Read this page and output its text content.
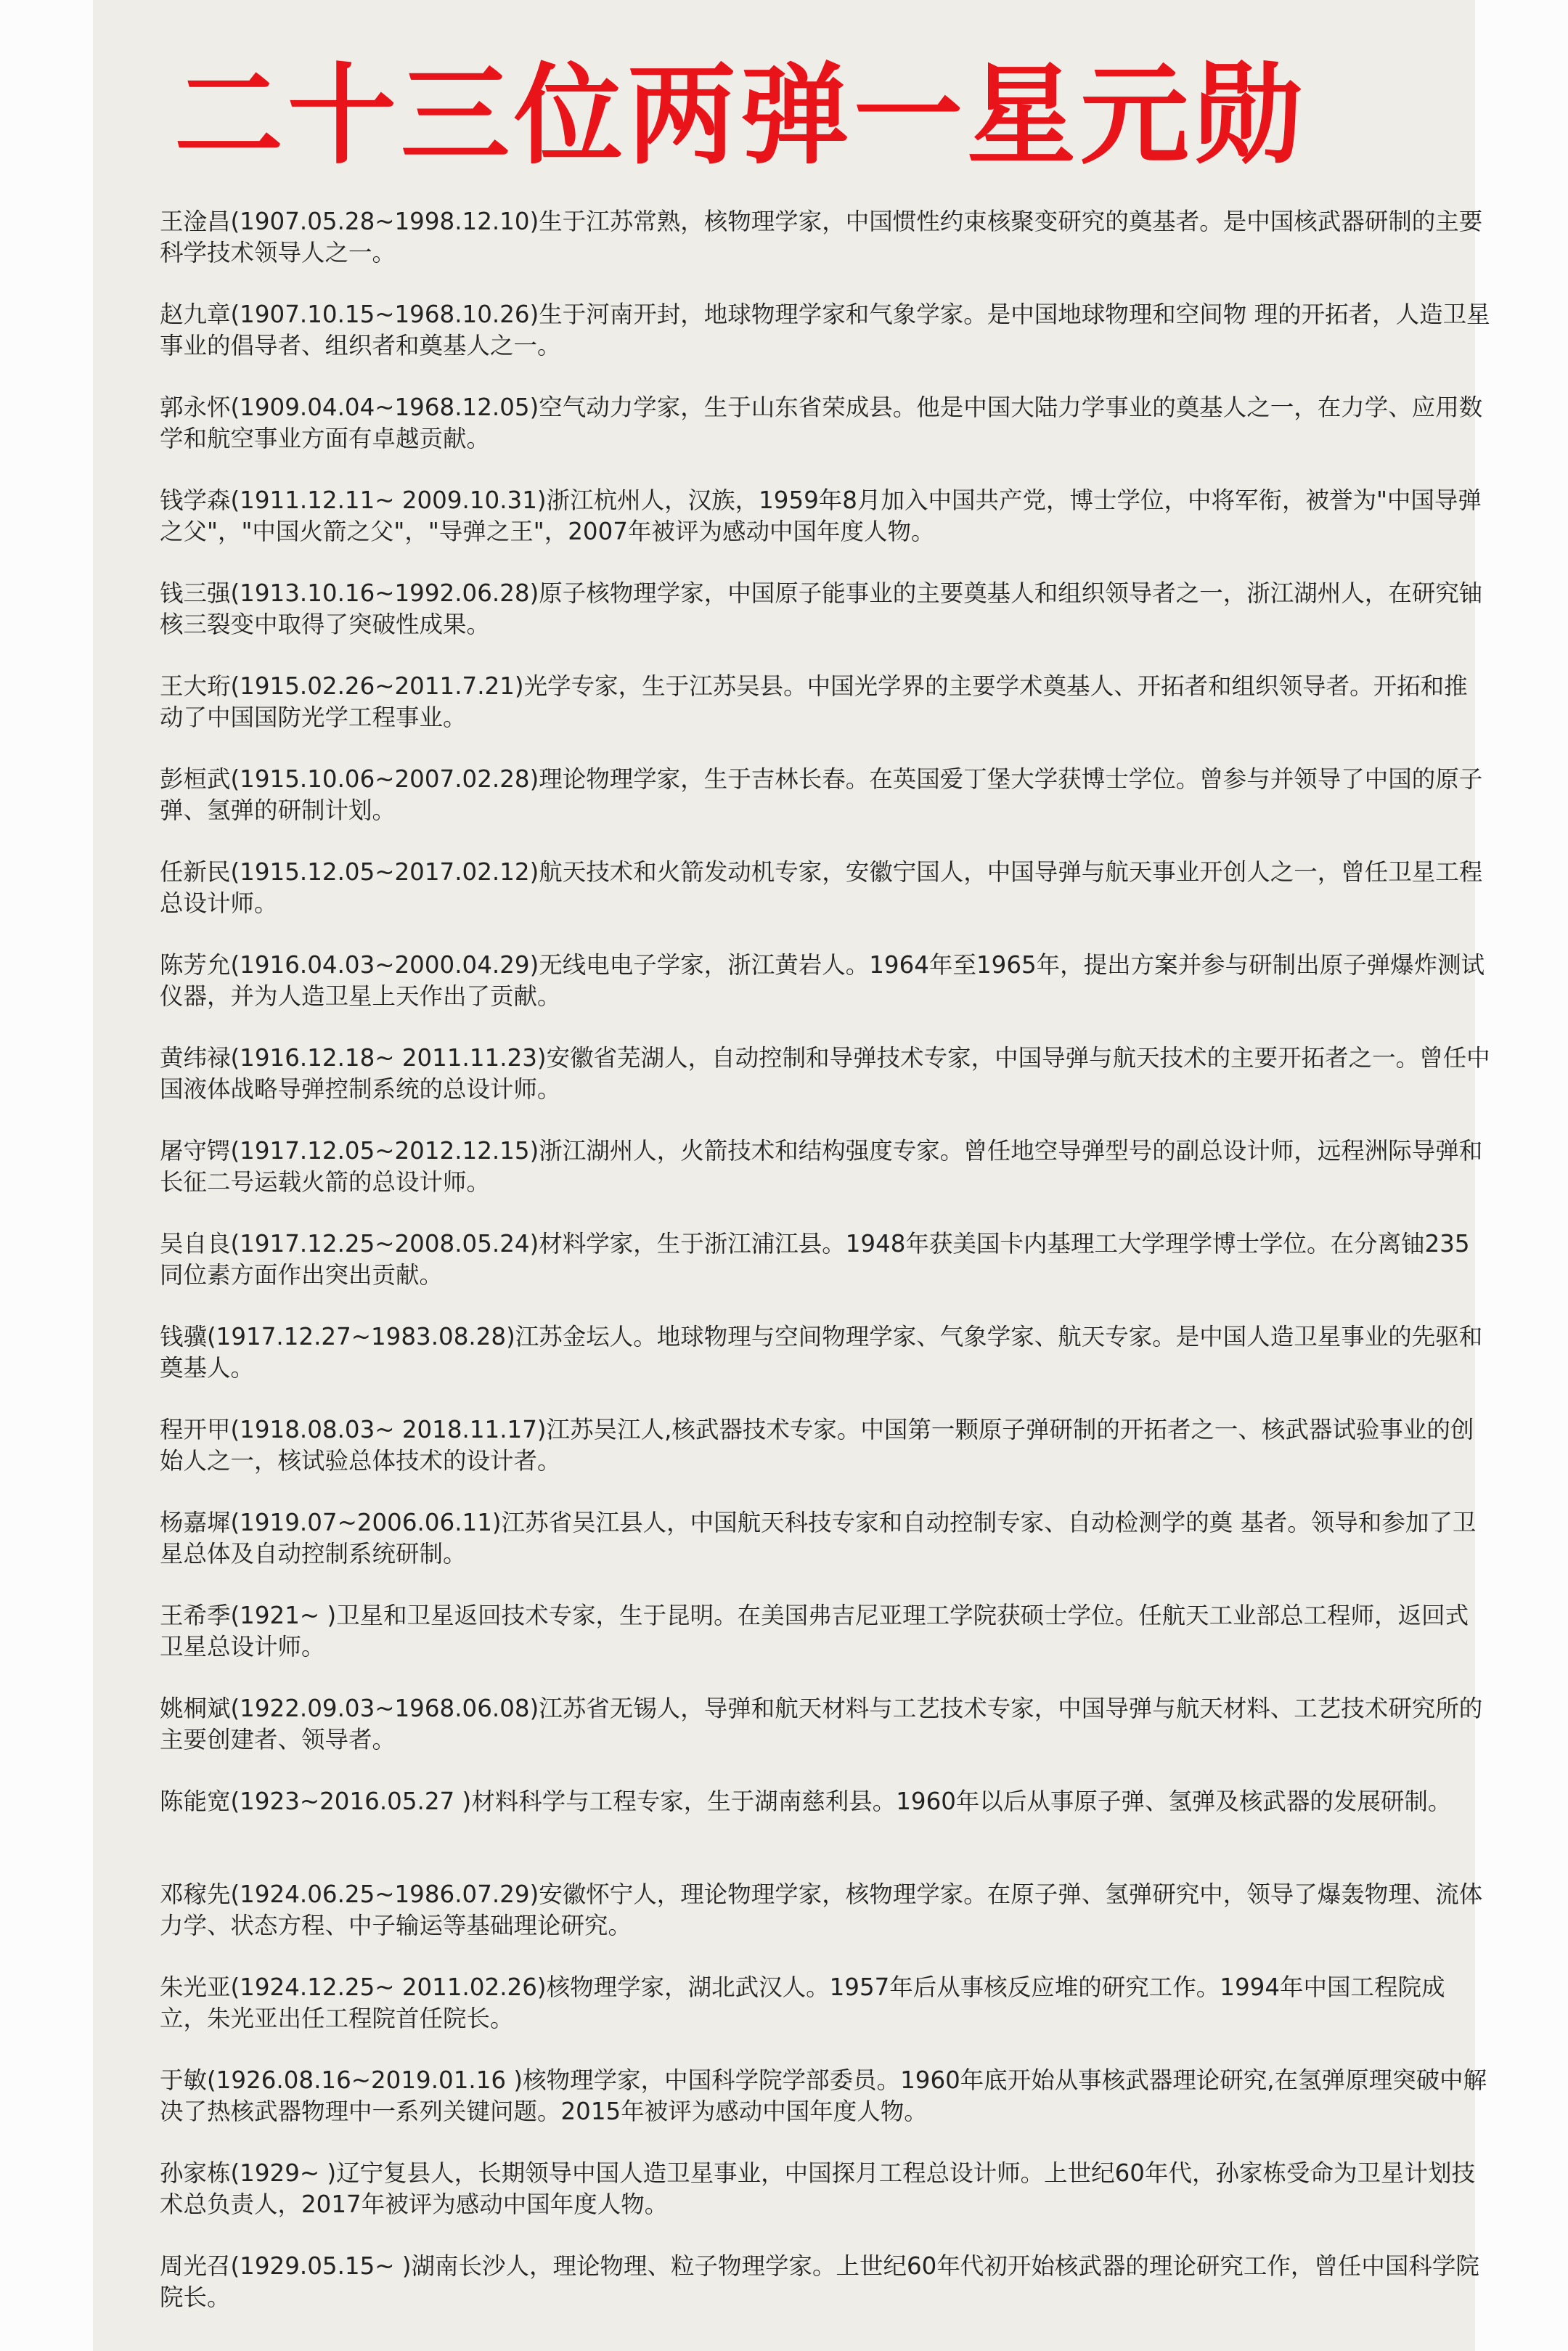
二十三位两弹一星元勋
王淦昌(1907.05.28~1998.12.10)生于江苏常熟，核物理学家，中国惯性约束核聚变研究的奠基者。是中国核武器研制的主要科学技术领导人之一。
赵九章(1907.10.15~1968.10.26)生于河南开封，地球物理学家和气象学家。是中国地球物理和空间物 理的开拓者，人造卫星事业的倡导者、组织者和奠基人之一。
郭永怀(1909.04.04~1968.12.05)空气动力学家，生于山东省荣成县。他是中国大陆力学事业的奠基人之一，在力学、应用数学和航空事业方面有卓越贡献。
钱学森(1911.12.11~ 2009.10.31)浙江杭州人，汉族，1959年8月加入中国共产党，博士学位，中将军衔，被誉为"中国导弹之父"，"中国火箭之父"，"导弹之王"，2007年被评为感动中国年度人物。
钱三强(1913.10.16~1992.06.28)原子核物理学家，中国原子能事业的主要奠基人和组织领导者之一，浙江湖州人，在研究铀核三裂变中取得了突破性成果。
王大珩(1915.02.26~2011.7.21)光学专家，生于江苏吴县。中国光学界的主要学术奠基人、开拓者和组织领导者。开拓和推动了中国国防光学工程事业。
彭桓武(1915.10.06~2007.02.28)理论物理学家，生于吉林长春。在英国爱丁堡大学获博士学位。曾参与并领导了中国的原子弹、氢弹的研制计划。
任新民(1915.12.05~2017.02.12)航天技术和火箭发动机专家，安徽宁国人，中国导弹与航天事业开创人之一，曾任卫星工程总设计师。
陈芳允(1916.04.03~2000.04.29)无线电电子学家，浙江黄岩人。1964年至1965年，提出方案并参与研制出原子弹爆炸测试仪器，并为人造卫星上天作出了贡献。
黄纬禄(1916.12.18~ 2011.11.23)安徽省芜湖人，自动控制和导弹技术专家，中国导弹与航天技术的主要开拓者之一。曾任中国液体战略导弹控制系统的总设计师。
屠守锷(1917.12.05~2012.12.15)浙江湖州人，火箭技术和结构强度专家。曾任地空导弹型号的副总设计师，远程洲际导弹和长征二号运载火箭的总设计师。
吴自良(1917.12.25~2008.05.24)材料学家，生于浙江浦江县。1948年获美国卡内基理工大学理学博士学位。在分离铀235同位素方面作出突出贡献。
钱骥(1917.12.27~1983.08.28)江苏金坛人。地球物理与空间物理学家、气象学家、航天专家。是中国人造卫星事业的先驱和奠基人。
程开甲(1918.08.03~ 2018.11.17)江苏吴江人,核武器技术专家。中国第一颗原子弹研制的开拓者之一、核武器试验事业的创始人之一，核试验总体技术的设计者。
杨嘉墀(1919.07~2006.06.11)江苏省吴江县人，中国航天科技专家和自动控制专家、自动检测学的奠 基者。领导和参加了卫星总体及自动控制系统研制。
王希季(1921~ )卫星和卫星返回技术专家，生于昆明。在美国弗吉尼亚理工学院获硕士学位。任航天工业部总工程师，返回式卫星总设计师。
姚桐斌(1922.09.03~1968.06.08)江苏省无锡人，导弹和航天材料与工艺技术专家，中国导弹与航天材料、工艺技术研究所的主要创建者、领导者。
陈能宽(1923~2016.05.27 )材料科学与工程专家，生于湖南慈利县。1960年以后从事原子弹、氢弹及核武器的发展研制。
邓稼先(1924.06.25~1986.07.29)安徽怀宁人，理论物理学家，核物理学家。在原子弹、氢弹研究中，领导了爆轰物理、流体力学、状态方程、中子输运等基础理论研究。
朱光亚(1924.12.25~ 2011.02.26)核物理学家，湖北武汉人。1957年后从事核反应堆的研究工作。1994年中国工程院成立，朱光亚出任工程院首任院长。
于敏(1926.08.16~2019.01.16 )核物理学家，中国科学院学部委员。1960年底开始从事核武器理论研究,在氢弹原理突破中解决了热核武器物理中一系列关键问题。2015年被评为感动中国年度人物。
孙家栋(1929~ )辽宁复县人，长期领导中国人造卫星事业，中国探月工程总设计师。上世纪60年代，孙家栋受命为卫星计划技术总负责人，2017年被评为感动中国年度人物。
周光召(1929.05.15~ )湖南长沙人，理论物理、粒子物理学家。上世纪60年代初开始核武器的理论研究工作，曾任中国科学院院长。
